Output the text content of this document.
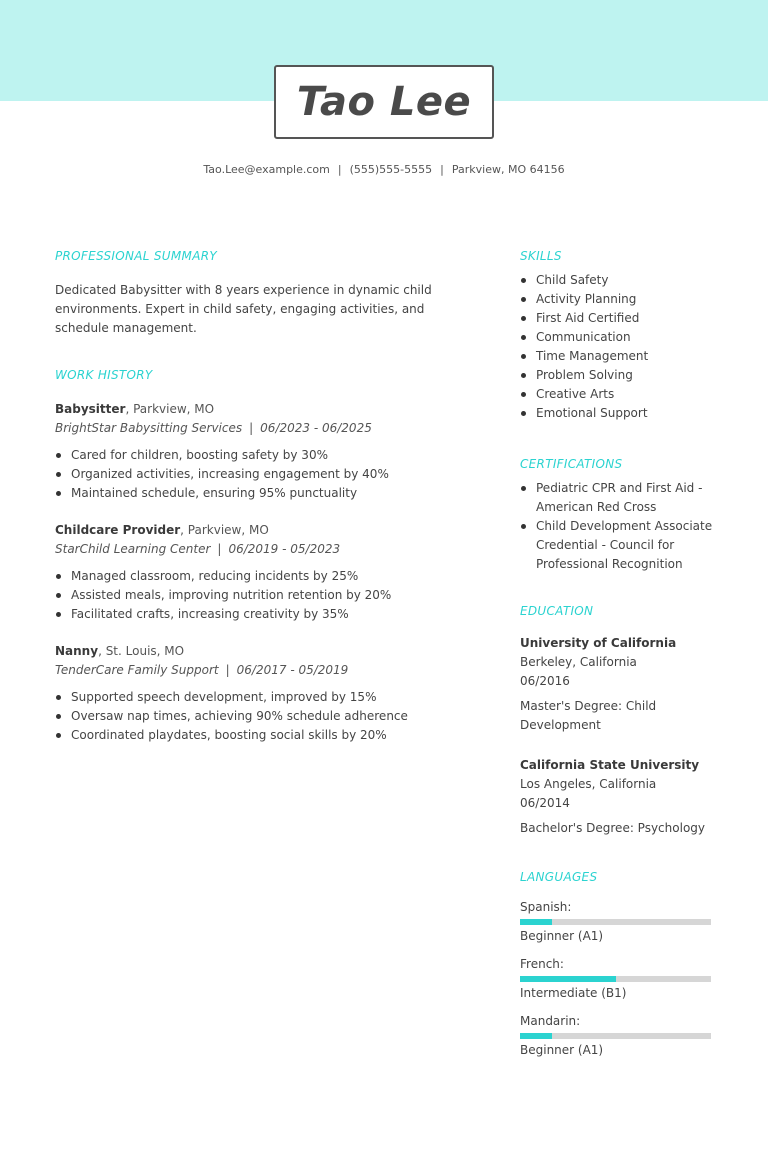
Tao Lee
Tao.Lee@example.com | (555)555-5555 | Parkview, MO 64156
PROFESSIONAL SUMMARY
Dedicated Babysitter with 8 years experience in dynamic child environments. Expert in child safety, engaging activities, and schedule management.
WORK HISTORY
Babysitter, Parkview, MO
BrightStar Babysitting Services | 06/2023 - 06/2025
Cared for children, boosting safety by 30%
Organized activities, increasing engagement by 40%
Maintained schedule, ensuring 95% punctuality
Childcare Provider, Parkview, MO
StarChild Learning Center | 06/2019 - 05/2023
Managed classroom, reducing incidents by 25%
Assisted meals, improving nutrition retention by 20%
Facilitated crafts, increasing creativity by 35%
Nanny, St. Louis, MO
TenderCare Family Support | 06/2017 - 05/2019
Supported speech development, improved by 15%
Oversaw nap times, achieving 90% schedule adherence
Coordinated playdates, boosting social skills by 20%
SKILLS
Child Safety
Activity Planning
First Aid Certified
Communication
Time Management
Problem Solving
Creative Arts
Emotional Support
CERTIFICATIONS
Pediatric CPR and First Aid - American Red Cross
Child Development Associate Credential - Council for Professional Recognition
EDUCATION
University of California
Berkeley, California
06/2016
Master's Degree: Child Development
California State University
Los Angeles, California
06/2014
Bachelor's Degree: Psychology
LANGUAGES
Spanish:
Beginner (A1)
French:
Intermediate (B1)
Mandarin:
Beginner (A1)
